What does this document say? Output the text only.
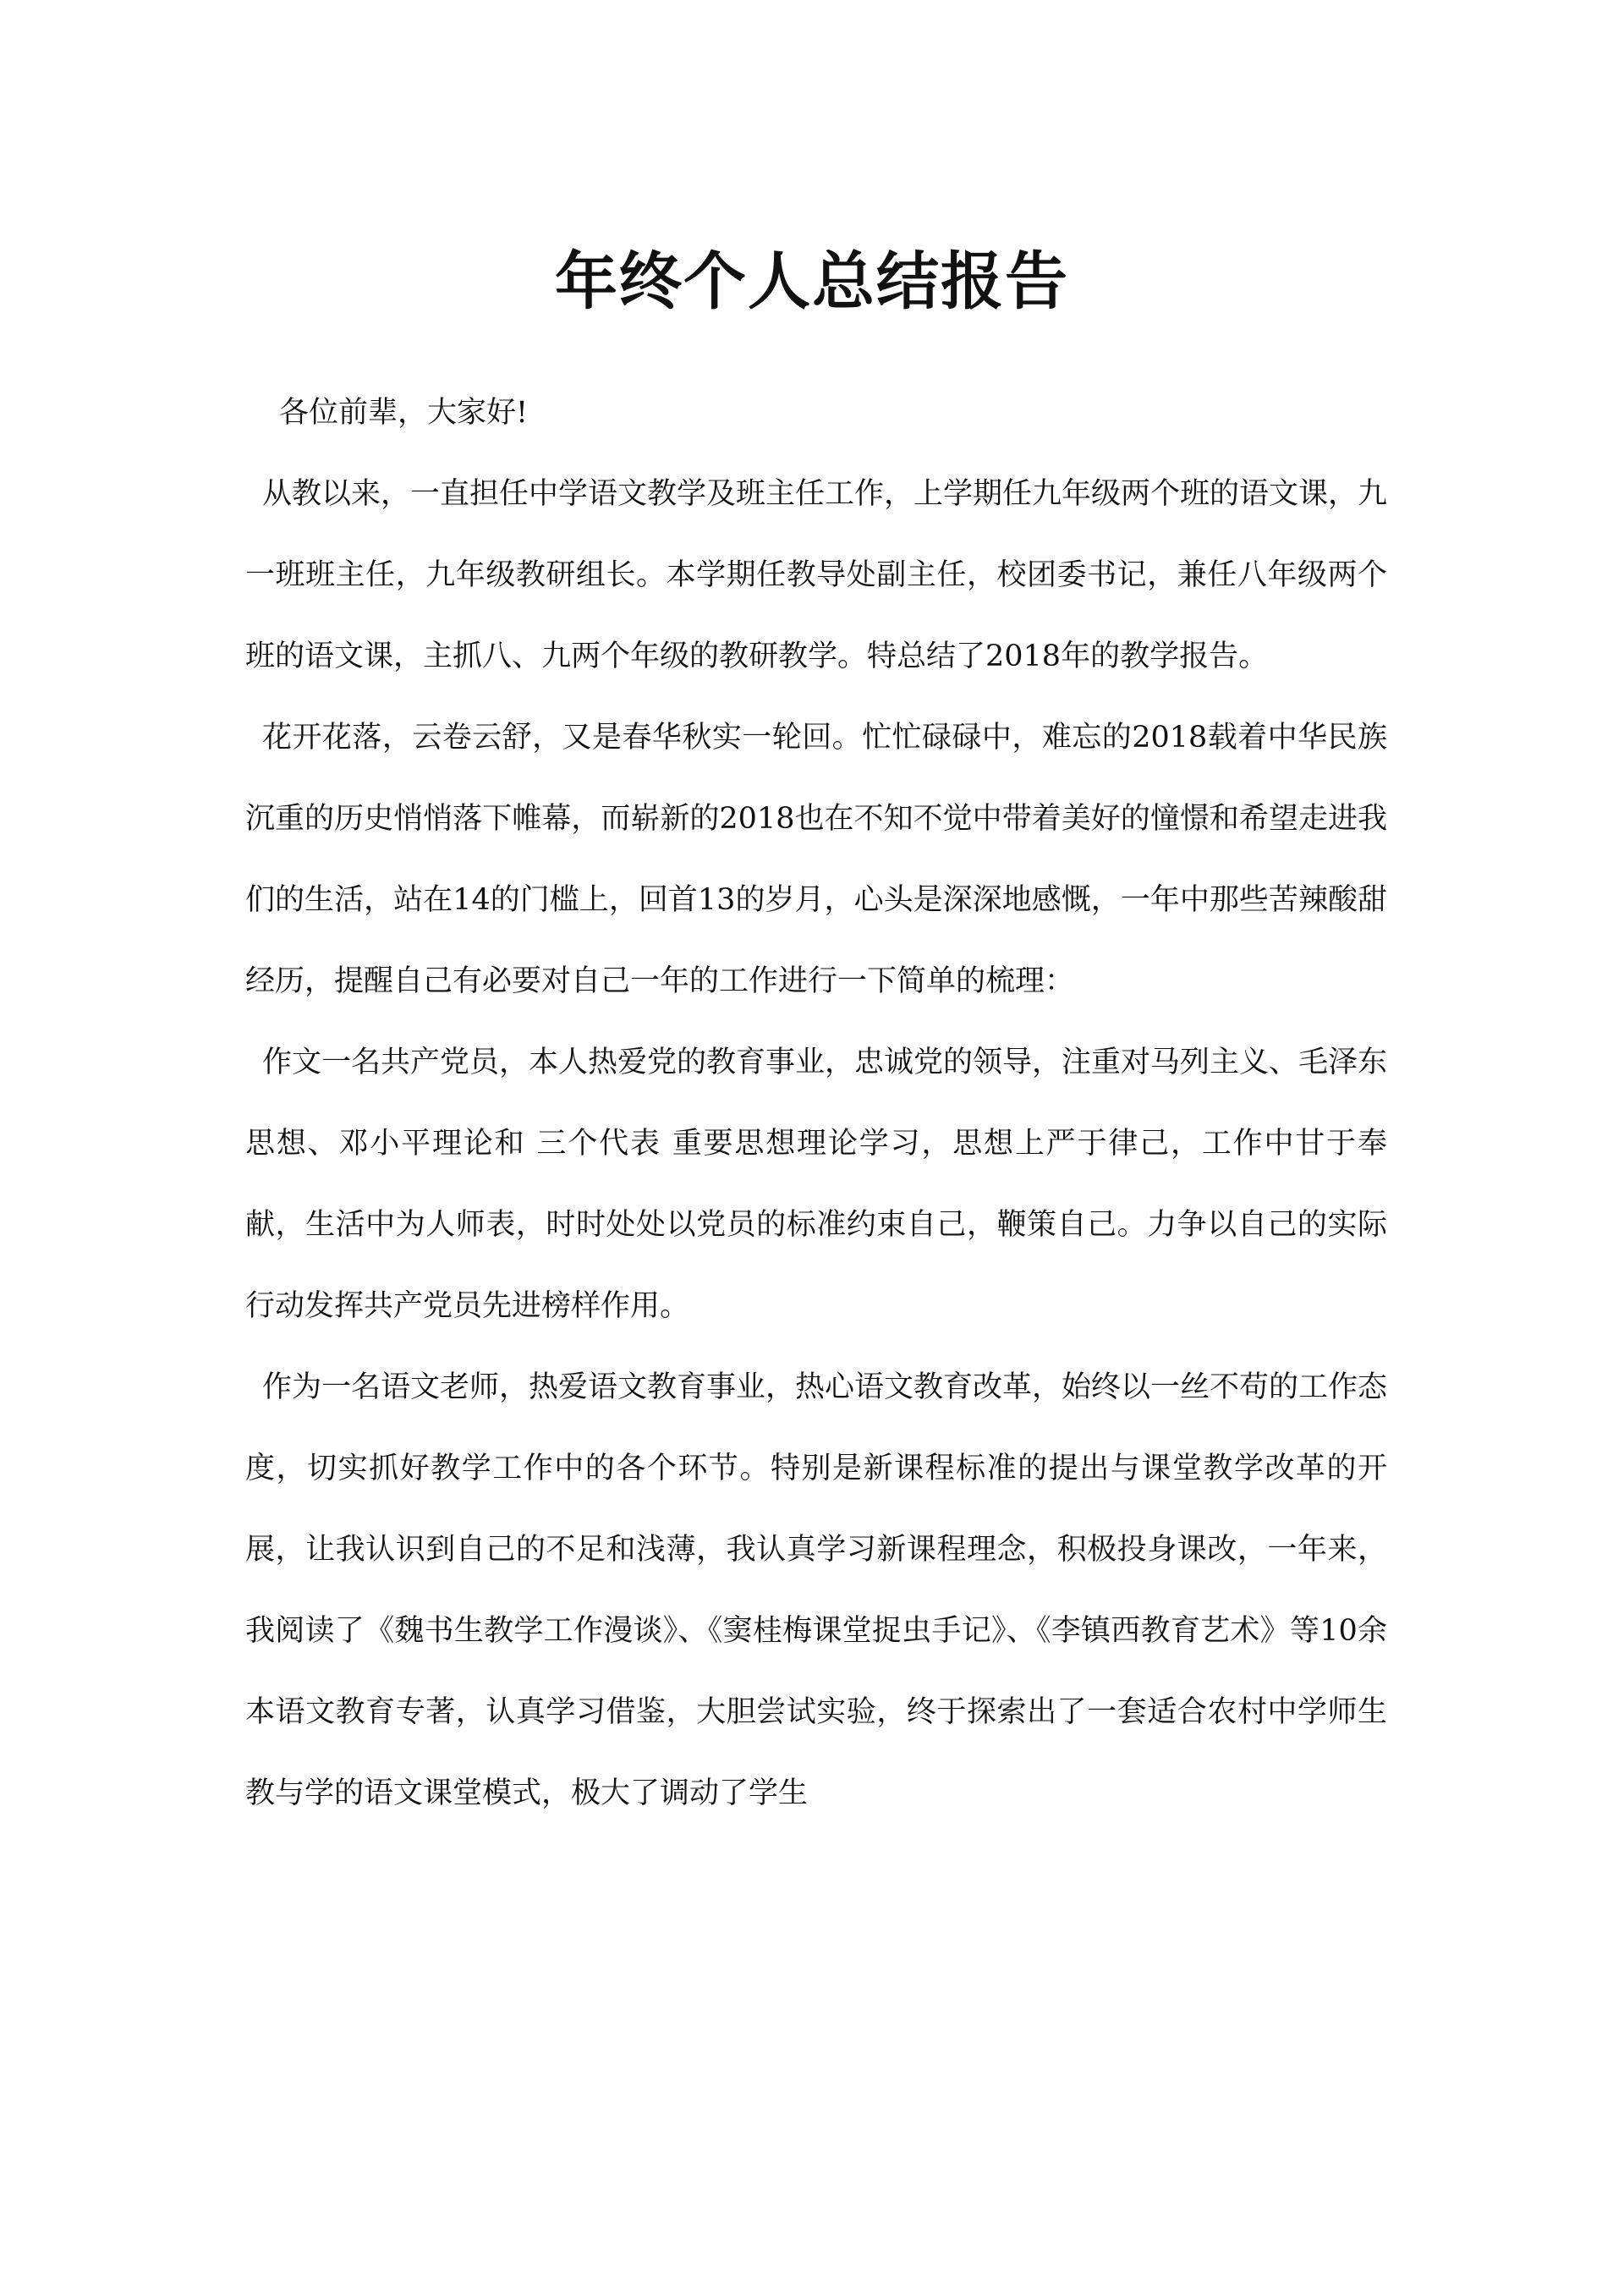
年终个人总结报告

各位前辈，大家好!

从教以来，一直担任中学语文教学及班主任工作，上学期任九年级两个班的语文课，九一班班主任，九年级教研组长。本学期任教导处副主任，校团委书记，兼任八年级两个班的语文课，主抓八、九两个年级的教研教学。特总结了2018年的教学报告。

花开花落，云卷云舒，又是春华秋实一轮回。忙忙碌碌中，难忘的2018载着中华民族沉重的历史悄悄落下帷幕，而崭新的2018也在不知不觉中带着美好的憧憬和希望走进我们的生活，站在14的门槛上，回首13的岁月，心头是深深地感慨，一年中那些苦辣酸甜经历，提醒自己有必要对自己一年的工作进行一下简单的梳理：

作文一名共产党员，本人热爱党的教育事业，忠诚党的领导，注重对马列主义、毛泽东思想、邓小平理论和 三个代表 重要思想理论学习，思想上严于律己，工作中甘于奉献，生活中为人师表，时时处处以党员的标准约束自己，鞭策自己。力争以自己的实际行动发挥共产党员先进榜样作用。

作为一名语文老师，热爱语文教育事业，热心语文教育改革，始终以一丝不苟的工作态度，切实抓好教学工作中的各个环节。特别是新课程标准的提出与课堂教学改革的开展，让我认识到自己的不足和浅薄，我认真学习新课程理念，积极投身课改，一年来，我阅读了《魏书生教学工作漫谈》、《窦桂梅课堂捉虫手记》、《李镇西教育艺术》等10余本语文教育专著，认真学习借鉴，大胆尝试实验，终于探索出了一套适合农村中学师生教与学的语文课堂模式，极大了调动了学生
